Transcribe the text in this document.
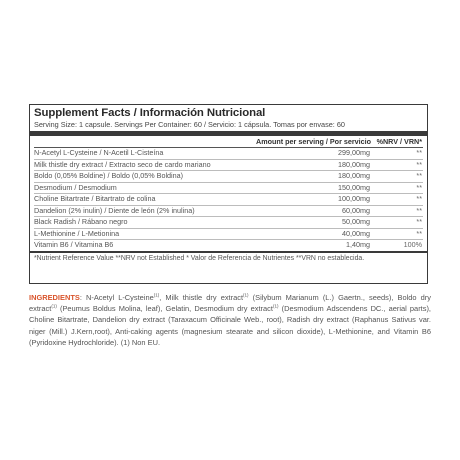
Supplement Facts / Información Nutricional
Serving Size: 1 capsule. Servings Per Container: 60 / Servicio: 1 cápsula. Tomas por envase: 60
Amount per serving / Por servicio %NRV / VRN*
N-Acetyl L-Cysteine / N-Acetil L-Cisteína	299,00mg	**
Milk thistle dry extract / Extracto seco de cardo mariano	180,00mg	**
Boldo (0,05% Boldine) / Boldo (0,05% Boldina)	180,00mg	**
Desmodium / Desmodium	150,00mg	**
Choline Bitartrate / Bitartrato de colina	100,00mg	**
Dandelion (2% inulin) / Diente de león (2% inulina)	60,00mg	**
Black Radish / Rábano negro	50,00mg	**
L-Methionine / L-Metionina	40,00mg	**
Vitamin B6 / Vitamina B6	1,40mg	100%
*Nutrient Reference Value **NRV not Established * Valor de Referencia de Nutrientes **VRN no establecida.
INGREDIENTS: N-Acetyl L-Cysteine$^{(1)}$, Milk thistle dry extract$^{(1)}$ (Silybum Marianum (L.) Gaertn., seeds), Boldo dry extract$^{(1)}$ (Peumus Boldus Molina, leaf), Gelatin, Desmodium dry extract$^{(1)}$ (Desmodium Adscendens DC., aerial parts), Choline Bitartrate, Dandelion dry extract (Taraxacum Officinale Web., root), Radish dry extract (Raphanus Sativus var. niger (Mill.) J.Kern,root), Anti-caking agents (magnesium stearate and silicon dioxide), L-Methionine, and Vitamin B6 (Pyridoxine Hydrochloride). (1) Non EU.
